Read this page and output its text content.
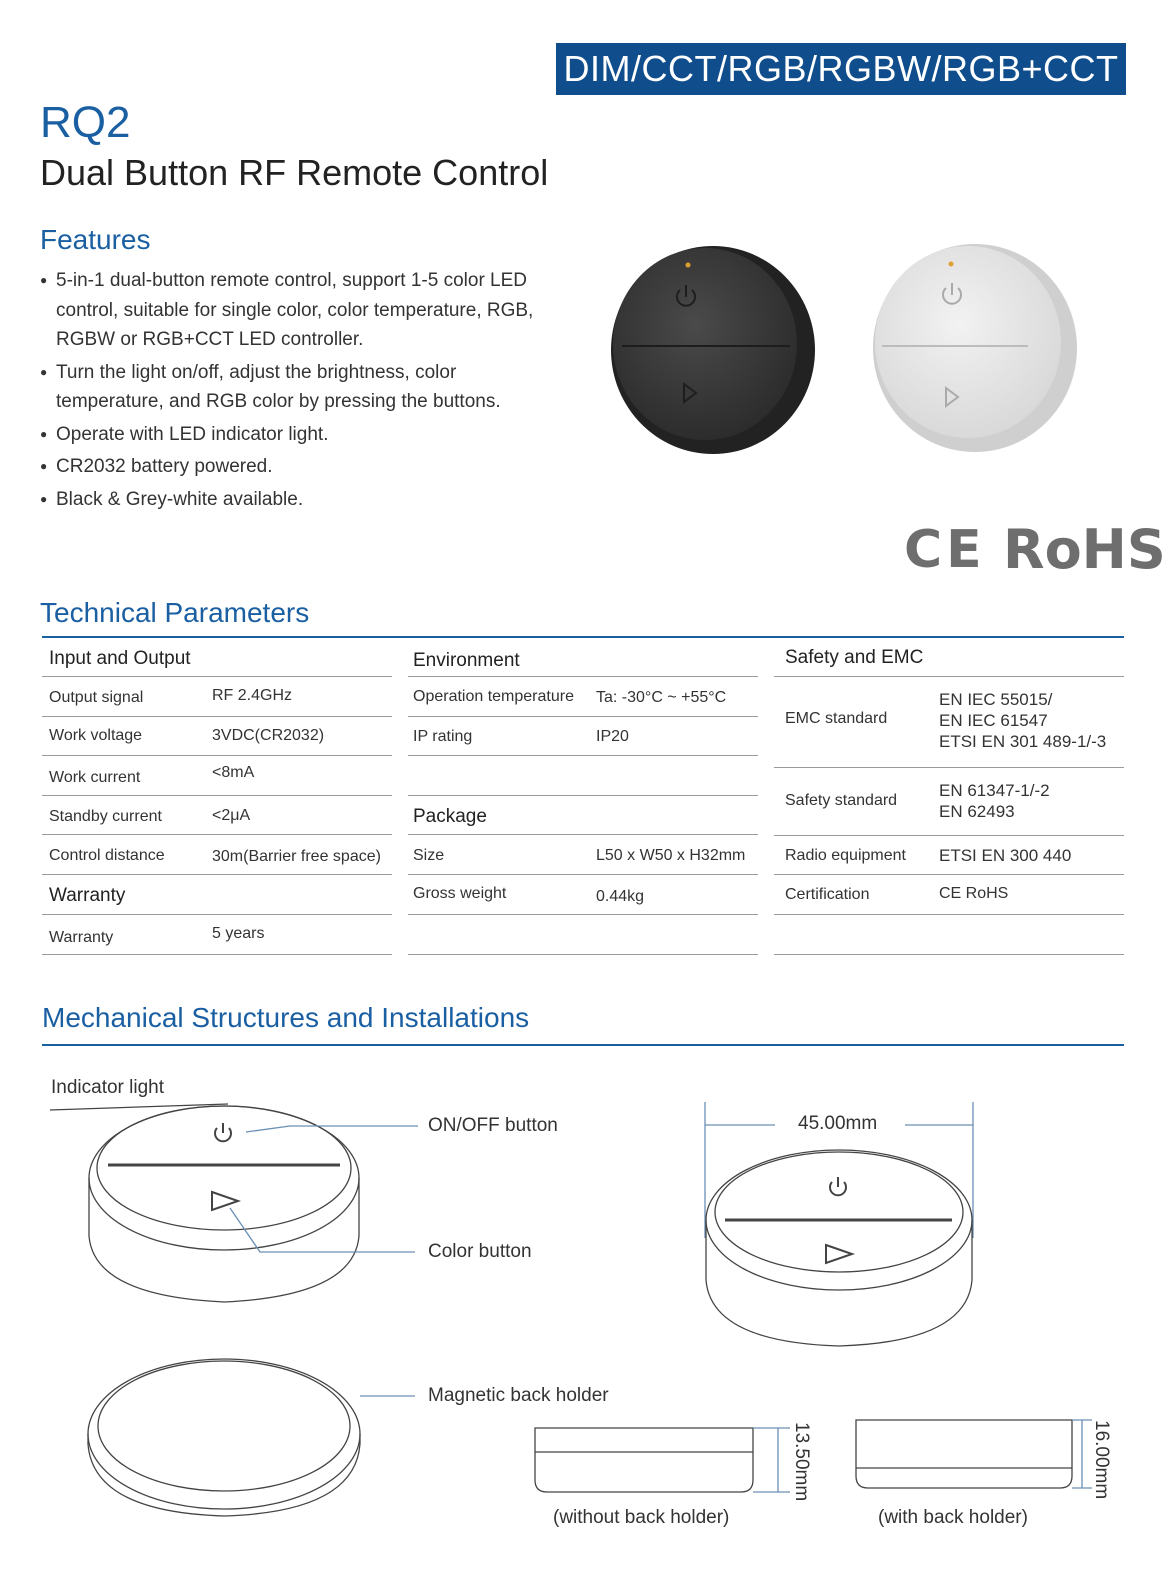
DIM/CCT/RGB/RGBW/RGB+CCT
RQ2
Dual Button RF Remote Control
Features
● 5-in-1 dual-button remote control, support 1-5 color LED control, suitable for single color, color temperature, RGB, RGBW or RGB+CCT LED controller.
● Turn the light on/off, adjust the brightness, color temperature, and RGB color by pressing the buttons.
● Operate with LED indicator light.
● CR2032 battery powered.
● Black & Grey-white available.
CE RoHS
Technical Parameters
Input and Output
Output signal	RF 2.4GHz
Work voltage	3VDC(CR2032)
Work current	<8mA
Standby current	<2μA
Control distance	30m(Barrier free space)
Warranty
Warranty	5 years
Environment
Operation temperature Ta: -30°C ~ +55°C
IP rating	IP20
Package
Size	L50 x W50 x H32mm
Gross weight	0.44kg
Safety and EMC
EMC standard
EN IEC 55015/
EN IEC 61547
ETSI EN 301 489-1/-3
Safety standard
EN 61347-1/-2
EN 62493
Radio equipment ETSI EN 300 440
Certification	CE RoHS
Mechanical Structures and Installations
Indicator light
ON/OFF button
Color button
Magnetic back holder
45.00mm
(without back holder)	(with back holder)
13.50mm	16.00mm
